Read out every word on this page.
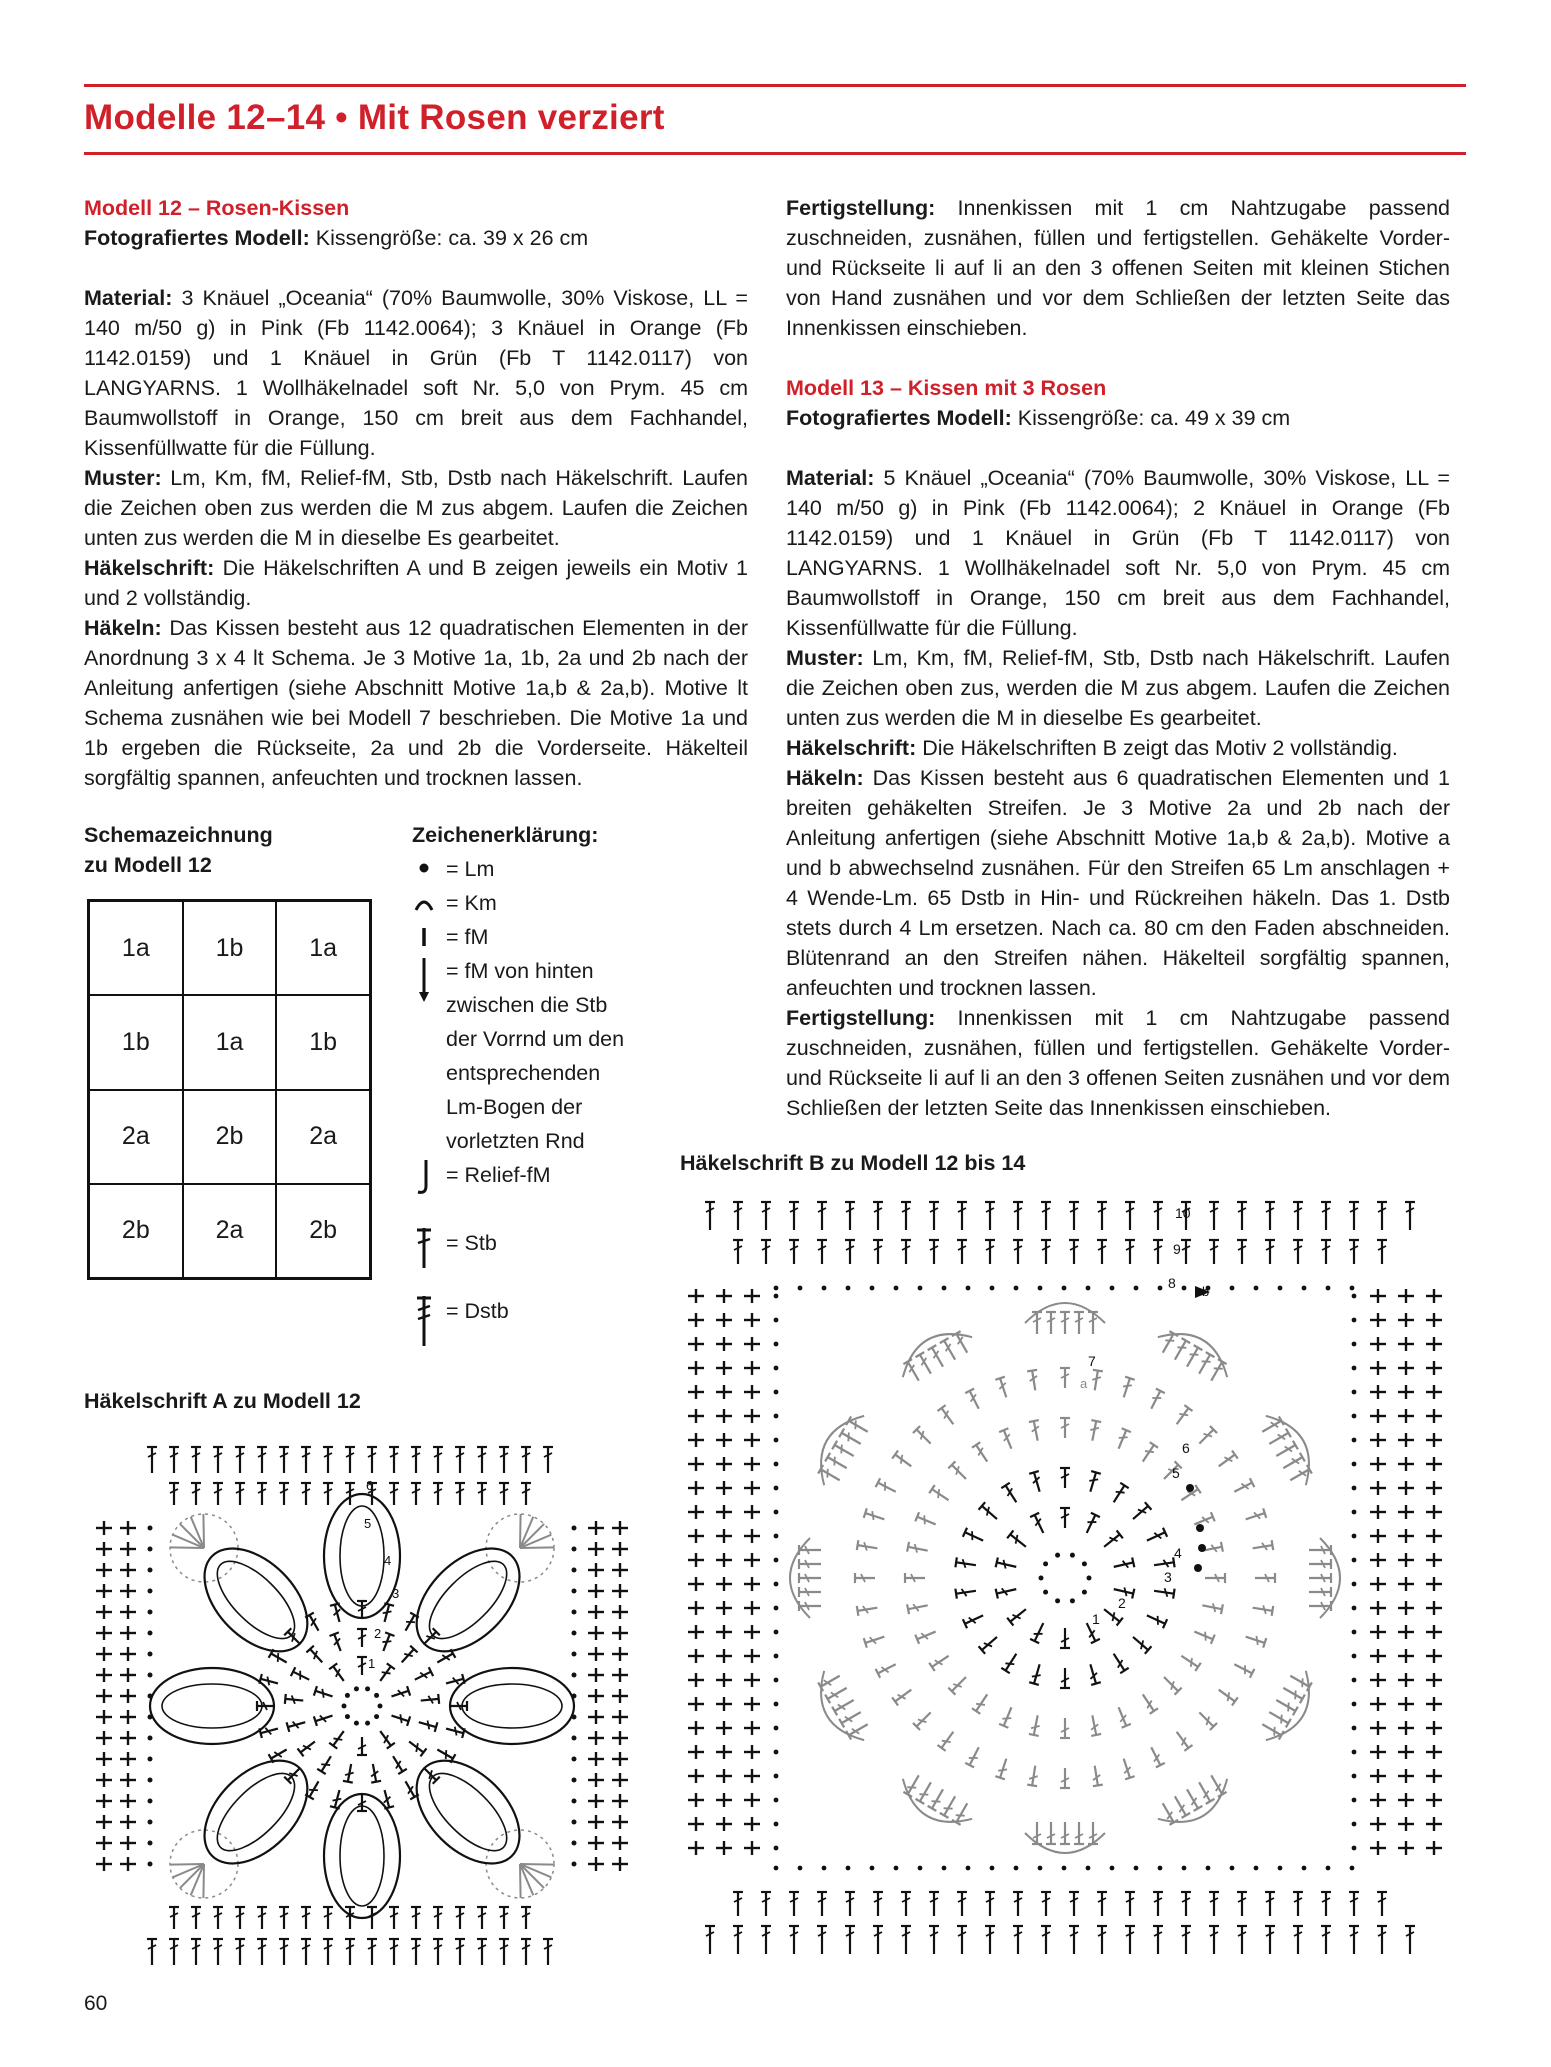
Modelle 12–14 • Mit Rosen verziert

Modell 12 – Rosen-Kissen

Fotografiertes Modell: Kissengröße: ca. 39 x 26 cm

Material: 3 Knäuel „Oceania“ (70% Baumwolle, 30% Viskose, LL = 140 m/50 g) in Pink (Fb 1142.0064); 3 Knäuel in Orange (Fb 1142.0159) und 1 Knäuel in Grün (Fb T 1142.0117) von LANGYARNS. 1 Wollhäkelnadel soft Nr. 5,0 von Prym. 45 cm Baumwollstoff in Orange, 150 cm breit aus dem Fachhandel, Kissenfüllwatte für die Füllung.

Muster: Lm, Km, fM, Relief-fM, Stb, Dstb nach Häkelschrift. Laufen die Zeichen oben zus werden die M zus abgem. Laufen die Zeichen unten zus werden die M in dieselbe Es gearbeitet.

Häkelschrift: Die Häkelschriften A und B zeigen jeweils ein Motiv 1 und 2 vollständig.

Häkeln: Das Kissen besteht aus 12 quadratischen Elementen in der Anordnung 3 x 4 lt Schema. Je 3 Motive 1a, 1b, 2a und 2b nach der Anleitung anfertigen (siehe Abschnitt Motive 1a,b & 2a,b). Motive lt Schema zusnähen wie bei Modell 7 beschrieben. Die Motive 1a und 1b ergeben die Rückseite, 2a und 2b die Vorderseite. Häkelteil sorgfältig spannen, anfeuchten und trocknen lassen.

Fertigstellung: Innenkissen mit 1 cm Nahtzugabe passend zuschneiden, zusnähen, füllen und fertigstellen. Gehäkelte Vorder- und Rückseite li auf li an den 3 offenen Seiten mit kleinen Stichen von Hand zusnähen und vor dem Schließen der letzten Seite das Innenkissen einschieben.

Modell 13 – Kissen mit 3 Rosen

Fotografiertes Modell: Kissengröße: ca. 49 x 39 cm

Material: 5 Knäuel „Oceania“ (70% Baumwolle, 30% Viskose, LL = 140 m/50 g) in Pink (Fb 1142.0064); 2 Knäuel in Orange (Fb 1142.0159) und 1 Knäuel in Grün (Fb T 1142.0117) von LANGYARNS. 1 Wollhäkelnadel soft Nr. 5,0 von Prym. 45 cm Baumwollstoff in Orange, 150 cm breit aus dem Fachhandel, Kissenfüllwatte für die Füllung.

Muster: Lm, Km, fM, Relief-fM, Stb, Dstb nach Häkelschrift. Laufen die Zeichen oben zus, werden die M zus abgem. Laufen die Zeichen unten zus werden die M in dieselbe Es gearbeitet.

Häkelschrift: Die Häkelschriften B zeigt das Motiv 2 vollständig.

Häkeln: Das Kissen besteht aus 6 quadratischen Elementen und 1 breiten gehäkelten Streifen. Je 3 Motive 2a und 2b nach der Anleitung anfertigen (siehe Abschnitt Motive 1a,b & 2a,b). Motive a und b abwechselnd zusnähen. Für den Streifen 65 Lm anschlagen + 4 Wende-Lm. 65 Dstb in Hin- und Rückreihen häkeln. Das 1. Dstb stets durch 4 Lm ersetzen. Nach ca. 80 cm den Faden abschneiden. Blütenrand an den Streifen nähen. Häkelteil sorgfältig spannen, anfeuchten und trocknen lassen.

Fertigstellung: Innenkissen mit 1 cm Nahtzugabe passend zuschneiden, zusnähen, füllen und fertigstellen. Gehäkelte Vorder- und Rückseite li auf li an den 3 offenen Seiten zusnähen und vor dem Schließen der letzten Seite das Innenkissen einschieben.

Schemazeichnung
zu Modell 12
1a	1b	1a
1b	1a	1b
2a	2b	2a
2b	2a	2b
Zeichenerklärung:
= Lm
= Km
= fM
= fM von hinten
zwischen die Stb
der Vorrnd um den
entsprechenden
Lm-Bogen der
vorletzten Rnd
= Relief-fM
= Stb
= Dstb
Häkelschrift A zu Modell 12
6
5
4
3
2
1
Häkelschrift B zu Modell 12 bis 14
10
9
8
7
6
5
4
3
2
1
a
b
60
